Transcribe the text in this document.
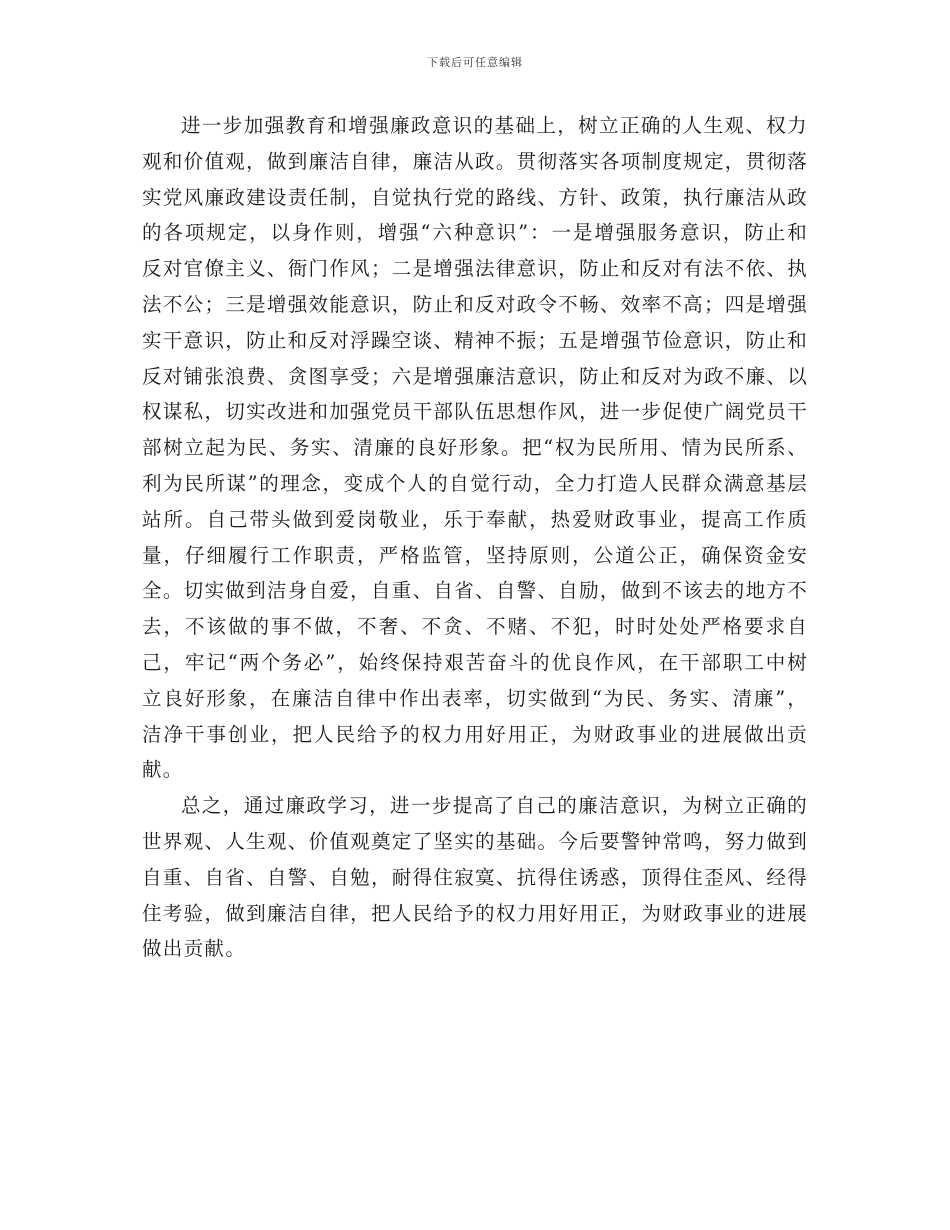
下载后可任意编辑

进一步加强教育和增强廉政意识的基础上，树立正确的人生观、权力观和价值观，做到廉洁自律，廉洁从政。贯彻落实各项制度规定，贯彻落实党风廉政建设责任制，自觉执行党的路线、方针、政策，执行廉洁从政的各项规定，以身作则，增强“六种意识”：一是增强服务意识，防止和反对官僚主义、衙门作风；二是增强法律意识，防止和反对有法不依、执法不公；三是增强效能意识，防止和反对政令不畅、效率不高；四是增强实干意识，防止和反对浮躁空谈、精神不振；五是增强节俭意识，防止和反对铺张浪费、贪图享受；六是增强廉洁意识，防止和反对为政不廉、以权谋私，切实改进和加强党员干部队伍思想作风，进一步促使广阔党员干部树立起为民、务实、清廉的良好形象。把“权为民所用、情为民所系、利为民所谋”的理念，变成个人的自觉行动，全力打造人民群众满意基层站所。自己带头做到爱岗敬业，乐于奉献，热爱财政事业，提高工作质量，仔细履行工作职责，严格监管，坚持原则，公道公正，确保资金安全。切实做到洁身自爱，自重、自省、自警、自励，做到不该去的地方不去，不该做的事不做，不奢、不贪、不赌、不犯，时时处处严格要求自己，牢记“两个务必”，始终保持艰苦奋斗的优良作风，在干部职工中树立良好形象，在廉洁自律中作出表率，切实做到“为民、务实、清廉”，洁净干事创业，把人民给予的权力用好用正，为财政事业的进展做出贡献。

总之，通过廉政学习，进一步提高了自己的廉洁意识，为树立正确的世界观、人生观、价值观奠定了坚实的基础。今后要警钟常鸣，努力做到自重、自省、自警、自勉，耐得住寂寞、抗得住诱惑，顶得住歪风、经得住考验，做到廉洁自律，把人民给予的权力用好用正，为财政事业的进展做出贡献。
